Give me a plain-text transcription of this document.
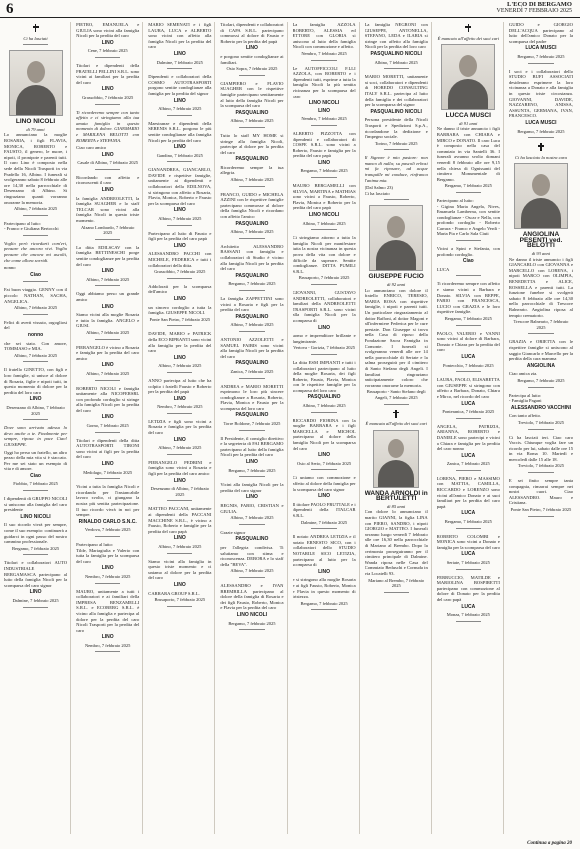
6	L'ECO DI BERGAMO
VENERDÌ 7 FEBBRAIO 2025
Ci ha lasciati
LINO NICOLI
di 79 anni
Lo annunciano la moglie ROSARIA, i figli FLAVIA, MONICA, ROBERTO e FAUSTO, il genero, le nuore, i nipoti, il pronipote e parenti tutti. Il caro Lino è composto nella sede della Nicoli Trasporti in via Pradello 16, Albino. I funerali si svolgeranno sabato 8 febbraio alle ore 14,30 nella parrocchiale di Desenzano di Albino. Si ringraziano quanti vorranno onorarne la memoria.
Albino, 7 febbraio 2025
Partecipano al lutto:
- Franco e Giuliana Bertocchi
Voglio però ricordarti com'eri, pensare che ancora vivi. Voglio pensare che ancora mi ascolti, che come allora sorridi.
nonno
Ciao
Fai buon viaggio. GENNY con il piccolo NATHAN, SACHA, ANGELICA.
Albino, 7 febbraio 2025
Felici di averti vissuto, orgogliosi del
nonno
che sei stato. Con amore, TOMMASO e MIA.
Albino, 7 febbraio 2025
Il fratello GINETTO, con figli e loro famiglie, si unisce al dolore di Rosaria, figlie e nipoti tutti, in questo momento di dolore per la perdita del loro caro
LINO
Desenzano di Albino, 7 febbraio 2025
Dove sono arrivato adesso lo devo anche a te. Finalmente per sempre, riposa in pace Ciao! GIUSEPPE.
Oggi ho perso un fratello, un altro pezzo della mia vita si è staccato. Per me sei stato un esempio di vita e di amore.
Ciao
Fiobbio, 7 febbraio 2025
I dipendenti di GRUPPO NICOLI si uniscono alla famiglia del caro presidente
LINO NICOLI
Il suo ricordo vivrà per sempre, come il suo esempio: continuerà a guidarci in ogni passo del nostro cammino professionale.
Bergamo, 7 febbraio 2025
Titolari e collaboratori AUTO INDUSTRIALE BERGAMASCA partecipano al lutto della famiglia Nicoli per la scomparsa del caro signor
LINO
Dalmine, 7 febbraio 2025
PIETRO, EMANUELA e GIULIA sono vicini alla famiglia Nicoli per la perdita del caro
LINO
Cene, 7 febbraio 2025
Titolari e dipendenti della FRATELLI PELLINI S.R.L. sono vicini ai familiari per la perdita del caro
LINO
Grassobbio, 7 febbraio 2025
Ti ricorderemo sempre con tanto affetto e ci stringiamo alla tua amata famiglia in questo momento di dolore. GIANMARIO e MARILENA BELOTTI con ROBERTA e STEFANIA.
Ciao caro amico
LINO
Casale di Albino, 7 febbraio 2025
Ricordando con affetto e riconoscenti il caro
LINO
la famiglia ANDREOLETTI, la famiglia SUAGHER e lo staff TELCAR sono vicini alla famiglia Nicoli in questo triste momento.
Alzano Lombardo, 7 febbraio 2025
La ditta EDILSCAV con la famiglia BETTINESCHI porge sentite condoglianze per la perdita del caro
LINO
Albino, 7 febbraio 2025
Oggi abbiamo perso un grande amico
LINO
Siamo vicini alla moglie Rosaria e tutta la famiglia. ANGELO e GIUSI.
Albino, 7 febbraio 2025
PIERANGELO è vicino a Rosaria e famiglia per la perdita del caro amico
LINO
Albino, 7 febbraio 2025
ROBERTO NICOLI e famiglia unitamente alla NICOFERSRL con profondo cordoglio si stringe alla famiglia Nicoli per la perdita del caro
LINO
Gorno, 7 febbraio 2025
Titolari e dipendenti della ditta AUTOTRASPORTI TIRONI sono vicini ai figli per la perdita del caro
LINO
Medolago, 7 febbraio 2025
Vicini a tutta la famiglia Nicoli e ricordando per l'instancabile lavoro svolto, ci giungano la nostra più sentita partecipazione. Il tuo ricordo vivrà in noi per sempre.
RINALDO CARLO S.N.C.
Verdova, 7 febbraio 2025
Partecipano al lutto:
Tilde, Mariagiulia e Valerio con tutta la famiglia per la scomparsa del caro
LINO
Nembro, 7 febbraio 2025
MAURO, unitamente a tutti i collaboratori e ai familiari della IMPRESA BENZAMELLI S.R.L. e ECOBERG S.R.L. è vicino alla famiglia e partecipa al dolore per la perdita del caro Nicoli Trasporti per la perdita del caro
LINO
Nembro, 7 febbraio 2025
MARIO SEMENATI e i figli LAURA, LUCA e ALBERTO sono vicini con affetto alla famiglia Nicoli per la perdita del caro
LINO
Dalmine, 7 febbraio 2025
Dipendenti e collaboratori della COSMO AUTOTRASPORTI porgono sentite condoglianze alla famiglia per la perdita del signor
LINO
Albino, 7 febbraio 2025
Maestranze e dipendenti della SERENIS S.R.L. porgono le più sentite condoglianze alla famiglia Nicoli per la perdita del caro
LINO
Gandino, 7 febbraio 2025
GIANANDREA, GIANCARLO, DAVIDE e rispettive famiglie, unitamente ai dipendenti e collaboratori della EDILNOVA, si stringono con affetto a Rosaria, Flavia, Monica, Roberto e Fausto per la scomparsa del caro
LINO
Albino, 7 febbraio 2025
Partecipano al lutto di Fausto e figli per la perdita del caro papà
LINO
ALESSANDRO PACCHI con MICHELE, FEDERICA e tutti i collaboratori della ditta.
Grassobbio, 7 febbraio 2025
Addolorati per la scomparsa dell'amico
LINO
un sincero cordoglio a tutta la famiglia. GIUSEPPE NICOLI.
Ponte San Pietro, 7 febbraio 2025
DAVIDE, MARIO e PATRICK della ECO BIPRANTI sono vicini alla famiglia per la perdita del caro
LINO
Albino, 7 febbraio 2025
ANNO partecipa al lutto che ha colpito i fratelli Fausto e Roberto per la perdita del papà
LINO
Nembro, 7 febbraio 2025
LETIZIA e figli sono vicini a Rosaria e famiglia per la perdita del caro
LINO
Albino, 7 febbraio 2025
PIERANGELO PEDRINI e famiglia sono vicini a Rosaria e figli per la perdita del caro amico
LINO
Desenzano di Albino, 7 febbraio 2025
MATTEO PACCANI, unitamente ai dipendenti della PACCANI MACCHINE S.R.L., è vicino a Fausto, Roberto e famiglie per la perdita del caro papà
LINO
Albino, 7 febbraio 2025
Siamo vicini alla famiglia in questo triste momento e ci uniamo al dolore per la perdita del caro
LINO
CARRARA GROUP S.R.L.
Brusaporto, 7 febbraio 2025
Titolari, dipendenti e collaboratori di CAPA S.R.L. partecipano commossi al dolore di Fausto e Roberto per la perdita del papà
LINO
e porgono sentite condoglianze ai familiari.
Osio Sopra, 7 febbraio 2025
GIAMPIERO e FLAVIO SUAGHER con le rispettive famiglie partecipano sentitamente al lutto della famiglia Nicoli per la scomparsa del caro
PASQUALINO
Albino, 7 febbraio 2025
Tutto lo staff MY HOME si stringe alla famiglia Nicoli, partecipe al dolore per la perdita del caro
PASQUALINO
Ricorderemo sempre la tua allegria.
Albino, 7 febbraio 2025
FRANCO, GUIDO e MICHELA AZZINI con le rispettive famiglie partecipano commosse al dolore della famiglia Nicoli e ricordano con affetto l'amico
PASQUALINO
Albino, 7 febbraio 2025
Architetto ALESSANDRO BASSANI con famiglia e collaboratori di Studio è vicino alla famiglia Nicoli per la perdita del caro
PASQUALINO
Bergamo, 7 febbraio 2025
La famiglia ZAPPETTINI sono vicini a Rosaria e figli per la perdita del caro
PASQUALINO
Albino, 7 febbraio 2025
ANTONIO AZZOLETTI e SAMUEL FAIBIS sono vicini alla famiglia Nicoli per la perdita del caro
PASQUALINO
Zanica, 7 febbraio 2025
ANDREA e MARIO MORETTI esprimono le loro più sincere condoglianze a Rosaria, Roberto, Flavia, Monica e Fausto per la scomparsa del loro caro
PASQUALINO
Torre Boldone, 7 febbraio 2025
Il Presidente, il consiglio direttivo e la segreteria di FAI BERGAMO partecipano al lutto della famiglia Nicoli per la perdita del caro
LINO
Bergamo, 7 febbraio 2025
Vicini alla famiglia Nicoli per la perdita del caro signor
LINO
BEGNIS, FABIO, CRISTIAN e GIULIA.
Albino, 7 febbraio 2025
Grazie signor
PASQUALINO
per l'allegria condivisa. Ti salutiamo con stima e riconoscenza. DEBORA e lo staff della "BEVA".
Albino, 7 febbraio 2025
ALESSANDRO e IVAN BREMBILLA partecipano al dolore della famiglia di Rosaria e dei figli Fausto, Roberto, Monica e Flavia per la perdita del caro
LINO NICOLI
Bergamo, 7 febbraio 2025
La famiglia AZZOLA ROBERTO, ALESSIA ed ETTORE con GLORIA si uniscono al lutto della famiglia Nicoli con commozione e affetto.
Nembro, 7 febbraio 2025
Le AUTOFFICCOLI F.LLI AZZOLA, con ROBERTO e i dipendenti tutti, esprime a tutta la famiglia Nicoli la più sentita vicinanza per la scomparsa del caro
LINO NICOLI
LINO
Nembro, 7 febbraio 2025
ALBERTO PIZZOTTA con dipendenti e collaboratori di COSPE S.R.L. sono vicini a Roberto, Fausto e famiglia per la perdita del caro papà
LINO
Bergamo, 7 febbraio 2025
MAURO BERGAMELLI con SILVIA, MARTINA e MATHIAS sono vicini a Fausto, Roberto, Flavia, Monica e Roberto per la perdita del caro papà
LINO NICOLI
Albino, 7 febbraio 2025
Ci stringiamo attorno a tutta la famiglia Nicoli per manifestare tutta la nostra vicinanza in questa prova della vita con dolore e difficile da superare. Sentite condoglianze. DITTA PUMILI S.R.L.
Brusaporto, 7 febbraio 2025
GIOVANNI, GUSTAVO ANDREOLETTI, collaboratori e familiari della ANDREOLETTI TRASPORTI S.R.L. sono vicini alla famiglia Nicoli per la scomparsa di
LINO
uomo e imprenditore brillante e lungimirante.
Vertova - Gorizia, 7 febbraio 2025
La ditta ESM IMPIANTI e tutti i collaboratori partecipano al lutto della moglie Rosaria, dei figli Roberto, Fausto, Flavia, Monica con le rispettive famiglie per la scomparsa del loro caro
PASQUALINO
Albino, 7 febbraio 2025
RICCARDO FIORINA con la moglie BARBARA e i figli MARCELLA e MICHOL partecipano al dolore della famiglia Nicoli per la scomparsa del caro
LINO
Osio al Serio, 7 febbraio 2025
Ci uniamo con commozione e affetto al dolore della famiglia per la scomparsa del caro signor
LINO
Il titolare PAOLO FRUTTALE e i dipendenti della ITALCAR S.R.L.
Dalmine, 7 febbraio 2025
Il notaio ANDREA LETIZIA e il notaio ERNESTO SICO, con i collaboratori dello STUDIO NOTARILE SICO LETIZIA, partecipano al lutto per la scomparsa di
LINO
e si stringono alla moglie Rosaria e ai figli Fausto, Roberto, Monica e Flavia in questo momento di tristezza.
Bergamo, 7 febbraio 2025
La famiglia NEGRONI con GIUSEPPE, ANTONELLA, STEFANO, LEDA e ILARIA si stringe con affetto alla famiglia Nicoli per la perdita del loro caro
PASQUALINO NICOLI
Albino, 7 febbraio 2025
MARIO MORETTI, unitamente ai soci, collaboratori e dipendenti di HOREDO CONSULTING ITALY S.R.L. partecipa al lutto della famiglia e dei collaboratori per la scomparsa del signor
PASQUALINO NICOLI
Persona presidente della Nicoli Trasporti e Spedizioni S.p.A., ricordandone la dedizione e l'impegno sociale.
Torino, 7 febbraio 2025
Il Signore è mio pastore: non manco di nulla; su pascoli erbosi mi fa riposare, ad acque tranquille mi conduce, rinfranca l'anima mia.
(Dal Salmo 23)
Ci ha lasciato
GIUSEPPE FUCIO
di 92 anni
Lo annunciano con dolore il fratello ENRICO, TERESIO, MARIA ROSA con rispettive famiglie, i nipoti e parenti tutti. Un particolare ringraziamento al dottor Baffoni, al dottor Magoni e all'infermiere Federica per le cure prestate. Don Giuseppe si trova nella Casa di riposo della Fondazione Sacra Famiglia in Comonte. I funerali si svolgeranno venerdì alle ore 14 nella parrocchiale di Seriate e la salma proseguirà per il cimitero di Santo Stefano degli Angeli. I familiari ringraziano anticipatamente coloro che vorranno onorarne la memoria.
Brusaporto - Santo Stefano degli Angeli, 7 febbraio 2025
È mancata all'affetto dei suoi cari
WANDA ARNOLDI in BERTULETTI
di 85 anni
Con dolore lo annunciano il marito GIANNI, la figlia LINA con PIERO, SANDRO, i nipoti GIORGIO e MATTEO. I funerali avranno luogo venerdì 7 febbraio alle ore 16,30 nella parrocchiale di Mariano al Brembo. Dopo la cerimonia proseguiranno per il cimitero principale di Dalmine. Wanda riposa nelle Casa del Commiato Beduschi e Cornuda in via Locatelli 93.
Mariano al Brembo, 7 febbraio 2025
È mancato all'affetto dei suoi cari
LUCCA MUSCI
di 91 anni
Ne danno il triste annuncio i figli BARBARA con CHIARA e MIRCO e DONATO. Il caro Luca è composto nella casa del commiato in via Santelli 36. I funerali avranno svolto domani venerdì 8 febbraio alle ore 9,15 nella chiesa di Ognissanti del cimitero Monumentale di Bergamo.
Bergamo, 7 febbraio 2025
Partecipano al lutto:
- Gigina Maria Angela, Nives, Emanuela Lamberna, con sentite condoglianze - Oscar e Nella, con profondo cordoglio - Roberto Carrara - Franco e Angelo Verdi - Maria Pia e Carlo Sala Ciuti
Vicini a Spini e Stefania, con profondo cordoglio.
Ciao
LUCA
Ti ricorderemo sempre con affetto e siamo vicini a Barbara e Donato. SILVIA con BEPPE, FABIO con FRANCESCA, LUCIO con GRAZIA e le loro rispettive famiglie.
Bergamo, 7 febbraio 2025
PAOLO, VALERIO e VANNI sono vicini al dolore di Barbara, Donato e Chiara per la perdita del caro
LUCA
Pontecchio, 7 febbraio 2025
LAURA, PAOLO, ELISABETTA con GIUSEPPE si stringono con affetto a Barbara, Donato, Chiara e Mirco, nel ricordo del caro
LUCA
Ponteranica, 7 febbraio 2025
ANGELA, PATRIZIA, ARIANNA, ROBERTO e DANIELE sono partecipi e vicini a Chiara e famiglia per la perdita del caro nonno
LUCA
Zanica, 7 febbraio 2025
LORENA, PIERO e MASSIMO con MATTIA, CAMILLA, RICCARDO e LORENZO sono vicini all'amico Donato e ai suoi familiari per la perdita del caro papà
LUCA
Bergamo, 7 febbraio 2025
ROBERTO COLOMBI e MONICA sono vicini a Donato e famiglia per la scomparsa del caro
LUCA
Seriate, 7 febbraio 2025
FERRUCCIO, MATILDE e MARIOLINA BOSPIRETTI partecipano con commozione al dolore di Donato per la perdita del caro papà
LUCA
Monza, 7 febbraio 2025
GUIDO e GIORGIO DELL'ACQUA partecipano al lutto dell'amico Donato per la scomparsa del padre
LUCA MUSCI
Bergamo, 7 febbraio 2025
I soci e i collaboratori dello STUDIO BUFI ASSOCIATI desiderano esprimere la loro vicinanza a Donato e alla famiglia in questo triste circostanza. GIOVANNI, DAVIDE, NAZZARENO, ANISSA, ASSUNTA, GERMANA, IVAN, FRANCESCO.
LUCA MUSCI
Bergamo, 7 febbraio 2025
Ci ha lasciato la nostra cara
ANGIOLINA PESENTI ved. BELOTTI
di 93 anni
Ne danno il triste annuncio i figli GIANCARLO con GIOVANNA e MARCELLO con LORENA, i nipoti MARCO con OLIMPIA, BENEDETTA e ALICE, ROSSELLA e parenti tutti. La funzione funebre si svolgerà sabato 8 febbraio alle ore 14,30 nella parrocchiale di Trescore Balneario. Angiolina riposa al tempio crematorio.
Trescore Balneario, 7 febbraio 2025
GRAZIA e ORIETTA con le rispettive famiglie si uniscono al saggio Giancarlo e Marcello per la perdita della cara mamma
ANGIOLINA
Ciao amica zia.
Bergamo, 7 febbraio 2025
Partecipa al lutto:
- Famiglia Pagani
ALESSANDRO VACCHINI
Con tanto affetto.
Treviolo, 7 febbraio 2025
Ci ha lasciati ieri. Ciao caro Vaccis. Chiunque voglia fare un ricordo per lui, sabato dalle ore 15 in via Roma 10. Martedì e mercoledì dalle 15 alle 18.
Treviolo, 7 febbraio 2025
E sei finito sempre tanta compagnia, rimarrai sempre nei nostri cuori. Ciao ALESSANDRO. Mauro e Cristiana.
Ponte San Pietro, 7 febbraio 2025
Continua a pagina 20
